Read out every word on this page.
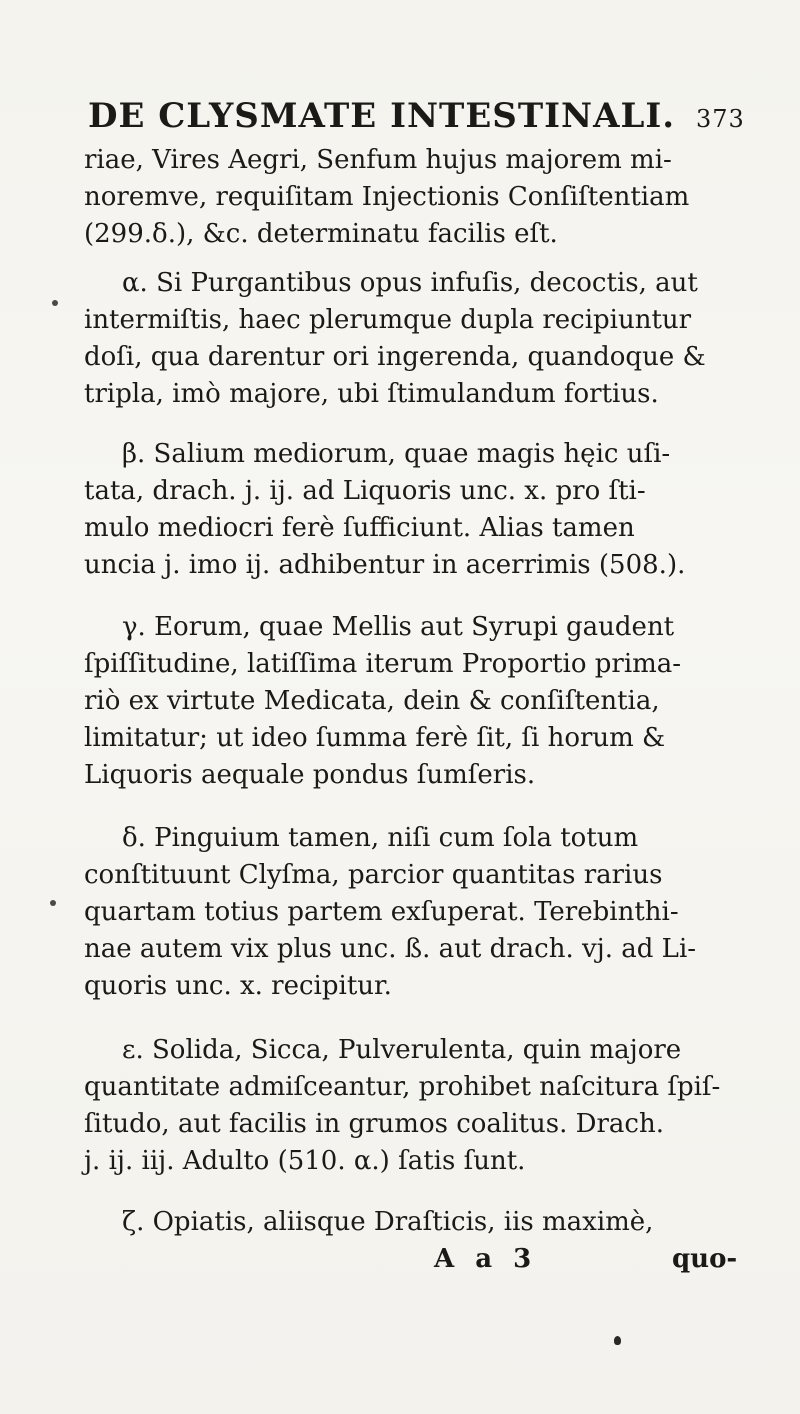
DE CLYSMATE INTESTINALI. 373
riae, Vires Aegri, Senfum hujus majorem mi-
noremve, requiſitam Injectionis Conſiſtentiam
(299.δ.), &c. determinatu facilis eſt.
α. Si Purgantibus opus infuſis, decoctis, aut
intermiſtis, haec plerumque dupla recipiuntur
doſi, qua darentur ori ingerenda, quandoque &
tripla, imò majore, ubi ſtimulandum fortius.
β. Salium mediorum, quae magis hęic uſi-
tata, drach. j. ij. ad Liquoris unc. x. pro ſti-
mulo mediocri ferè ſufficiunt. Alias tamen
uncia j. imo ij. adhibentur in acerrimis (508.).
γ. Eorum, quae Mellis aut Syrupi gaudent
ſpiſſitudine, latiſſima iterum Proportio prima-
riò ex virtute Medicata, dein & conſiſtentia,
limitatur; ut ideo ſumma ferè ſit, ſi horum &
Liquoris aequale pondus ſumſeris.
δ. Pinguium tamen, niſi cum ſola totum
conſtituunt Clyſma, parcior quantitas rarius
quartam totius partem exſuperat. Terebinthi-
nae autem vix plus unc. ß. aut drach. vj. ad Li-
quoris unc. x. recipitur.
ε. Solida, Sicca, Pulverulenta, quin majore
quantitate admiſceantur, prohibet naſcitura ſpiſ-
ſitudo, aut facilis in grumos coalitus. Drach.
j. ij. iij. Adulto (510. α.) ſatis ſunt.
ζ. Opiatis, aliisque Draſticis, iis maximè,
A a 3	quo-
